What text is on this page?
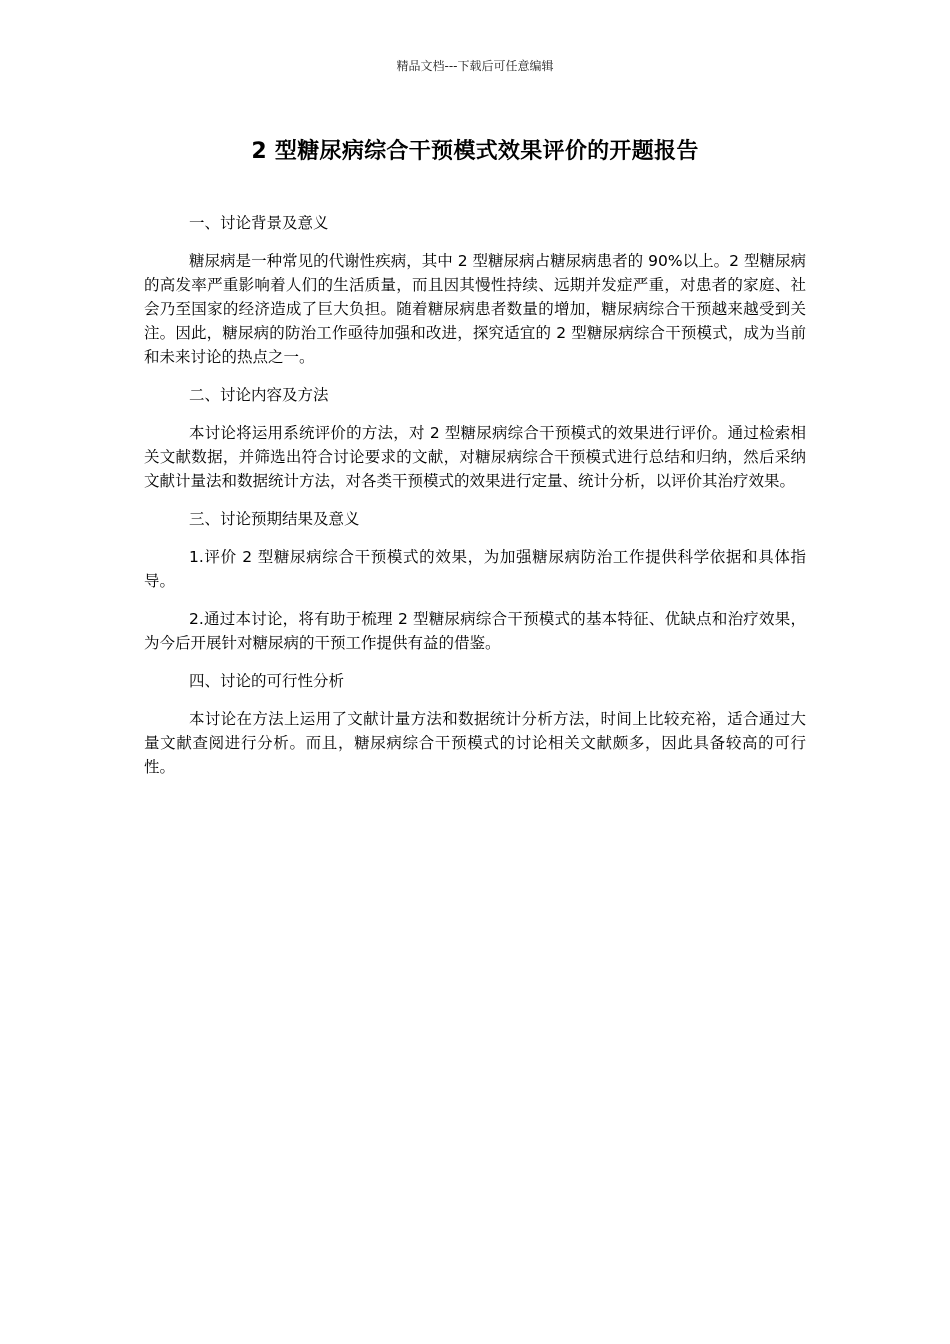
精品文档---下载后可任意编辑
2 型糖尿病综合干预模式效果评价的开题报告

一、讨论背景及意义

糖尿病是一种常见的代谢性疾病，其中 2 型糖尿病占糖尿病患者的 90%以上。2 型糖尿病的高发率严重影响着人们的生活质量，而且因其慢性持续、远期并发症严重，对患者的家庭、社会乃至国家的经济造成了巨大负担。随着糖尿病患者数量的增加，糖尿病综合干预越来越受到关注。因此，糖尿病的防治工作亟待加强和改进，探究适宜的 2 型糖尿病综合干预模式，成为当前和未来讨论的热点之一。

二、讨论内容及方法

本讨论将运用系统评价的方法，对 2 型糖尿病综合干预模式的效果进行评价。通过检索相关文献数据，并筛选出符合讨论要求的文献，对糖尿病综合干预模式进行总结和归纳，然后采纳文献计量法和数据统计方法，对各类干预模式的效果进行定量、统计分析，以评价其治疗效果。

三、讨论预期结果及意义

1.评价 2 型糖尿病综合干预模式的效果，为加强糖尿病防治工作提供科学依据和具体指导。

2.通过本讨论，将有助于梳理 2 型糖尿病综合干预模式的基本特征、优缺点和治疗效果，为今后开展针对糖尿病的干预工作提供有益的借鉴。

四、讨论的可行性分析

本讨论在方法上运用了文献计量方法和数据统计分析方法，时间上比较充裕，适合通过大量文献查阅进行分析。而且，糖尿病综合干预模式的讨论相关文献颇多，因此具备较高的可行性。
